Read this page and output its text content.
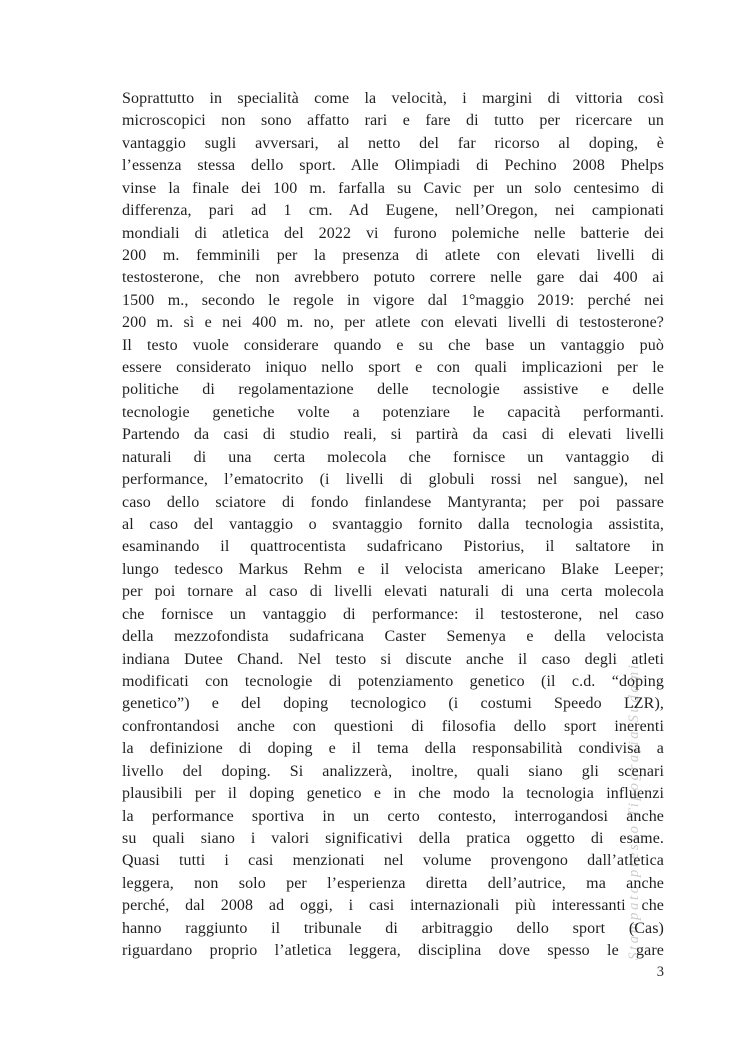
Stampato presso Tipografia Sudami
Soprattutto in specialità come la velocità, i margini di vittoria così
microscopici non sono affatto rari e fare di tutto per ricercare un
vantaggio sugli avversari, al netto del far ricorso al doping, è
l’essenza stessa dello sport. Alle Olimpiadi di Pechino 2008 Phelps
vinse la finale dei 100 m. farfalla su Cavic per un solo centesimo di
differenza, pari ad 1 cm. Ad Eugene, nell’Oregon, nei campionati
mondiali di atletica del 2022 vi furono polemiche nelle batterie dei
200 m. femminili per la presenza di atlete con elevati livelli di
testosterone, che non avrebbero potuto correre nelle gare dai 400 ai
1500 m., secondo le regole in vigore dal 1°maggio 2019: perché nei
200 m. sì e nei 400 m. no, per atlete con elevati livelli di testosterone?
Il testo vuole considerare quando e su che base un vantaggio può
essere considerato iniquo nello sport e con quali implicazioni per le
politiche di regolamentazione delle tecnologie assistive e delle
tecnologie genetiche volte a potenziare le capacità performanti.
Partendo da casi di studio reali, si partirà da casi di elevati livelli
naturali di una certa molecola che fornisce un vantaggio di
performance, l’ematocrito (i livelli di globuli rossi nel sangue), nel
caso dello sciatore di fondo finlandese Mantyranta; per poi passare
al caso del vantaggio o svantaggio fornito dalla tecnologia assistita,
esaminando il quattrocentista sudafricano Pistorius, il saltatore in
lungo tedesco Markus Rehm e il velocista americano Blake Leeper;
per poi tornare al caso di livelli elevati naturali di una certa molecola
che fornisce un vantaggio di performance: il testosterone, nel caso
della mezzofondista sudafricana Caster Semenya e della velocista
indiana Dutee Chand. Nel testo si discute anche il caso degli atleti
modificati con tecnologie di potenziamento genetico (il c.d. “doping
genetico”) e del doping tecnologico (i costumi Speedo LZR),
confrontandosi anche con questioni di filosofia dello sport inerenti
la definizione di doping e il tema della responsabilità condivisa a
livello del doping. Si analizzerà, inoltre, quali siano gli scenari
plausibili per il doping genetico e in che modo la tecnologia influenzi
la performance sportiva in un certo contesto, interrogandosi anche
su quali siano i valori significativi della pratica oggetto di esame.
Quasi tutti i casi menzionati nel volume provengono dall’atletica
leggera, non solo per l’esperienza diretta dell’autrice, ma anche
perché, dal 2008 ad oggi, i casi internazionali più interessanti che
hanno raggiunto il tribunale di arbitraggio dello sport (Cas)
riguardano proprio l’atletica leggera, disciplina dove spesso le gare
3
